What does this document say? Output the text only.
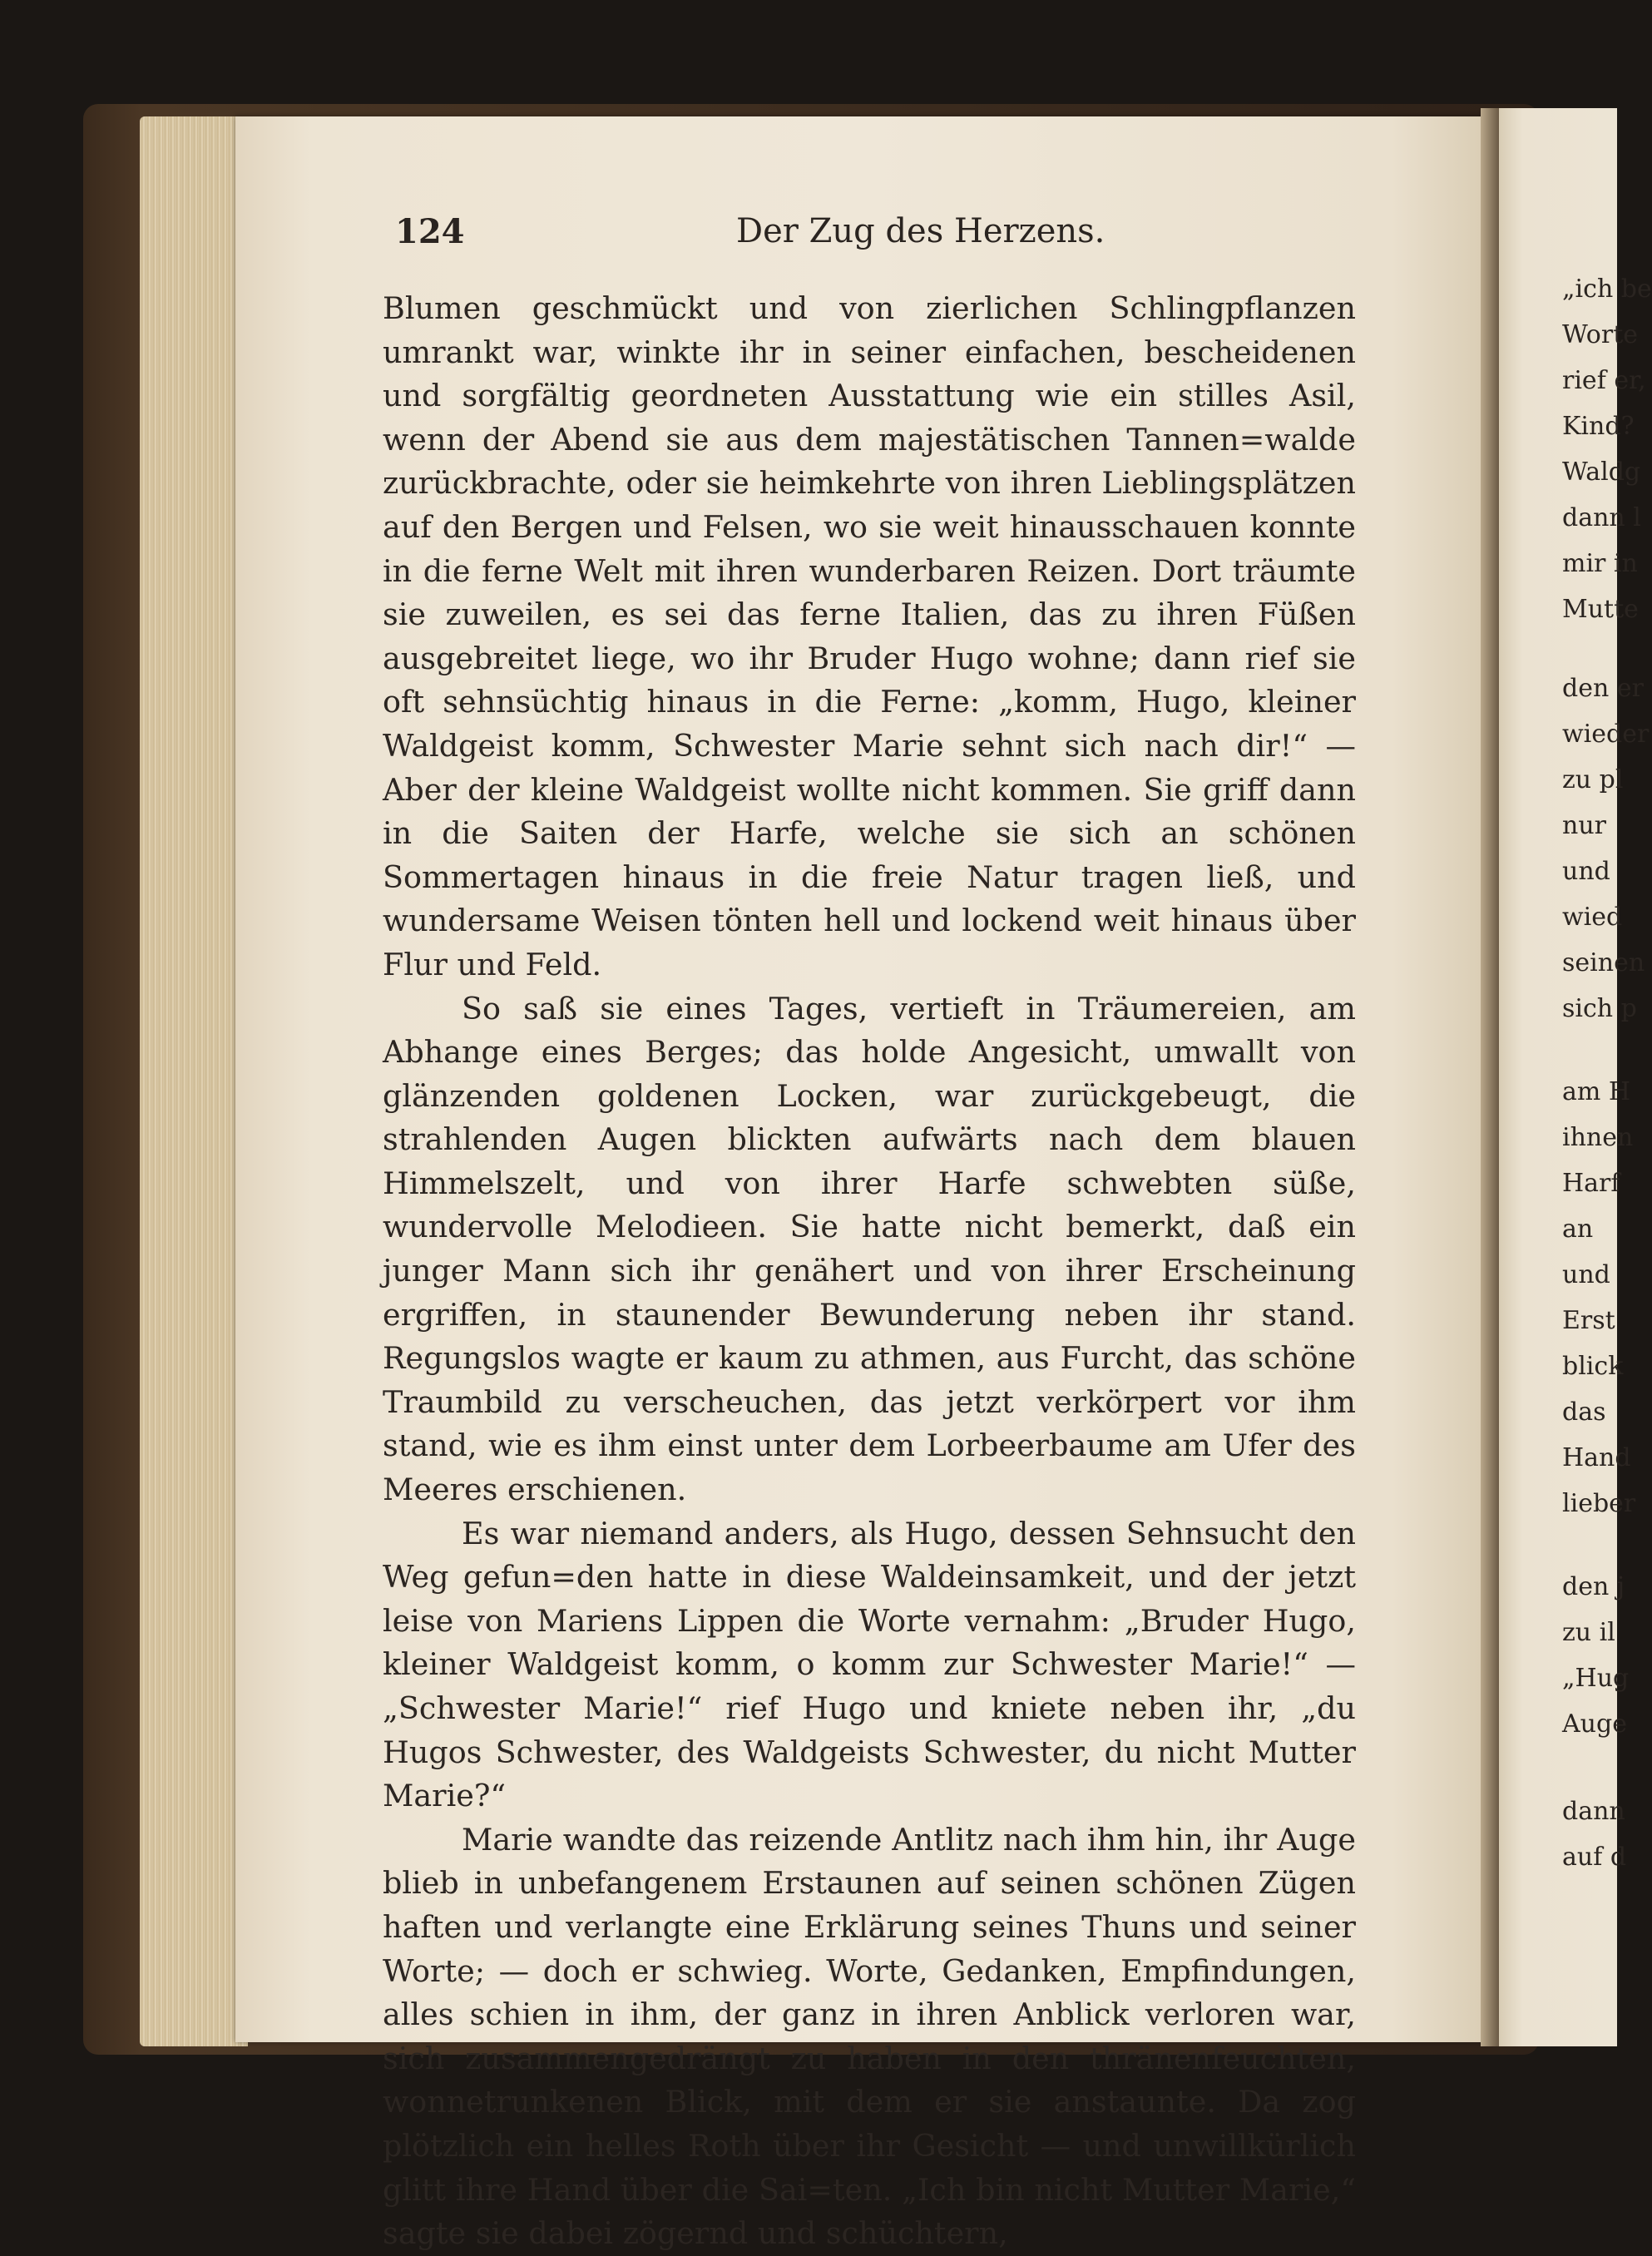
124	Der Zug des Herzens.

Blumen geschmückt und von zierlichen Schlingpflanzen umrankt war, winkte ihr in seiner einfachen, bescheidenen und sorgfältig geordneten Ausstattung wie ein stilles Asil, wenn der Abend sie aus dem majestätischen Tannen=walde zurückbrachte, oder sie heimkehrte von ihren Lieblingsplätzen auf den Bergen und Felsen, wo sie weit hinausschauen konnte in die ferne Welt mit ihren wunderbaren Reizen. Dort träumte sie zuweilen, es sei das ferne Italien, das zu ihren Füßen ausgebreitet liege, wo ihr Bruder Hugo wohne; dann rief sie oft sehnsüchtig hinaus in die Ferne: „komm, Hugo, kleiner Waldgeist komm, Schwester Marie sehnt sich nach dir!“ — Aber der kleine Waldgeist wollte nicht kommen. Sie griff dann in die Saiten der Harfe, welche sie sich an schönen Sommertagen hinaus in die freie Natur tragen ließ, und wundersame Weisen tönten hell und lockend weit hinaus über Flur und Feld.

So saß sie eines Tages, vertieft in Träumereien, am Abhange eines Berges; das holde Angesicht, umwallt von glänzenden goldenen Locken, war zurückgebeugt, die strahlenden Augen blickten aufwärts nach dem blauen Himmelszelt, und von ihrer Harfe schwebten süße, wundervolle Melodieen. Sie hatte nicht bemerkt, daß ein junger Mann sich ihr genähert und von ihrer Erscheinung ergriffen, in staunender Bewunderung neben ihr stand. Regungslos wagte er kaum zu athmen, aus Furcht, das schöne Traumbild zu verscheuchen, das jetzt verkörpert vor ihm stand, wie es ihm einst unter dem Lorbeerbaume am Ufer des Meeres erschienen.

Es war niemand anders, als Hugo, dessen Sehnsucht den Weg gefun=den hatte in diese Waldeinsamkeit, und der jetzt leise von Mariens Lippen die Worte vernahm: „Bruder Hugo, kleiner Waldgeist komm, o komm zur Schwester Marie!“ — „Schwester Marie!“ rief Hugo und kniete neben ihr, „du Hugos Schwester, des Waldgeists Schwester, du nicht Mutter Marie?“

Marie wandte das reizende Antlitz nach ihm hin, ihr Auge blieb in unbefangenem Erstaunen auf seinen schönen Zügen haften und verlangte eine Erklärung seines Thuns und seiner Worte; — doch er schwieg. Worte, Gedanken, Empfindungen, alles schien in ihm, der ganz in ihren Anblick verloren war, sich zusammengedrängt zu haben in den thränenfeuchten, wonnetrunkenen Blick, mit dem er sie anstaunte. Da zog plötzlich ein helles Roth über ihr Gesicht — und unwillkürlich glitt ihre Hand über die Sai=ten. „Ich bin nicht Mutter Marie,“ sagte sie dabei zögernd und schüchtern,

„ich be
Worte
rief er,
Kind?
Waldg
dann l
mir in
Mutte
den er
wieder
zu pl
nur
und
wied
seinen
sich p
am H
ihnen
Harf
an
und
Erst
blick
das
Hand
lieber
den j
zu il
„Hug
Auge
dann
auf d
